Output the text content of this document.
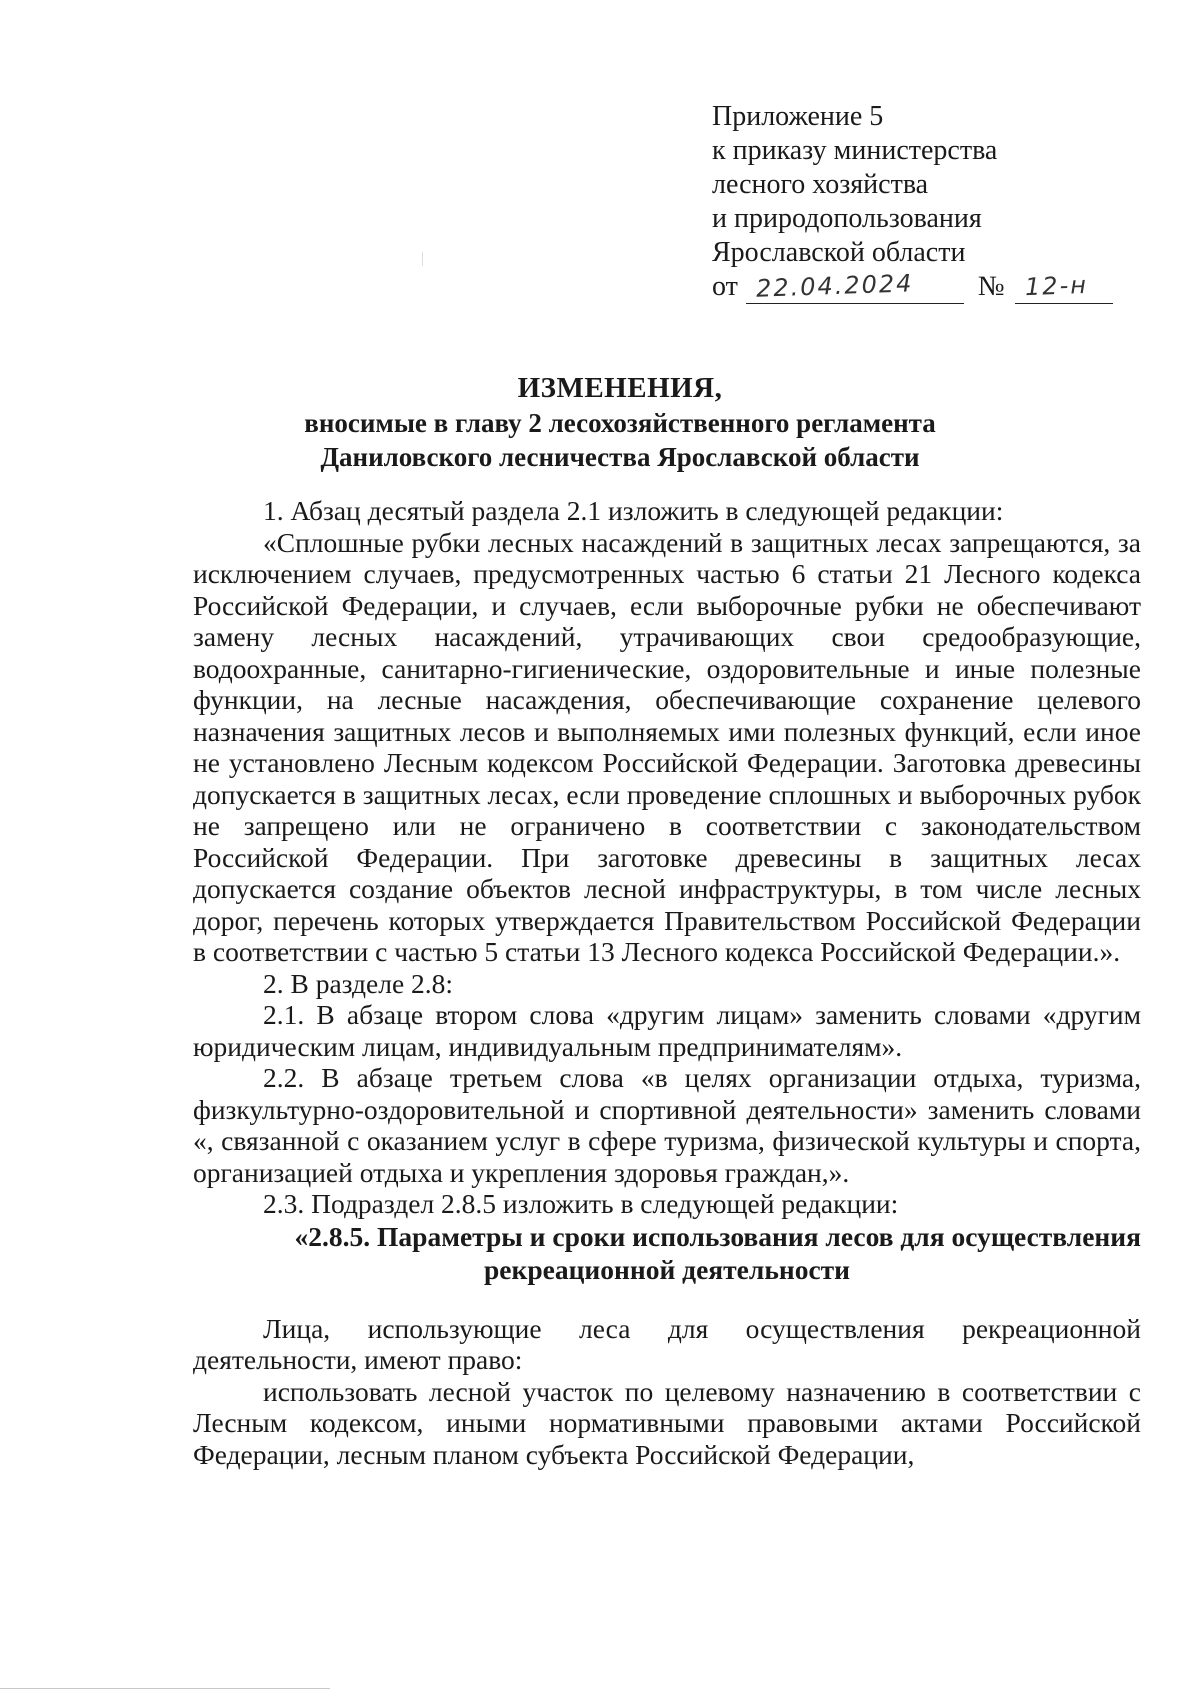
Приложение 5
к приказу министерства
лесного хозяйства
и природопользования
Ярославской области
от 22.04.2024 № 12-н
ИЗМЕНЕНИЯ,
вносимые в главу 2 лесохозяйственного регламента
Даниловского лесничества Ярославской области

1. Абзац десятый раздела 2.1 изложить в следующей редакции:

«Сплошные рубки лесных насаждений в защитных лесах запрещаются, за исключением случаев, предусмотренных частью 6 статьи 21 Лесного кодекса Российской Федерации, и случаев, если выборочные рубки не обеспечивают замену лесных насаждений, утрачивающих свои средообразующие, водоохранные, санитарно-гигиенические, оздоровительные и иные полезные функции, на лесные насаждения, обеспечивающие сохранение целевого назначения защитных лесов и выполняемых ими полезных функций, если иное не установлено Лесным кодексом Российской Федерации. Заготовка древесины допускается в защитных лесах, если проведение сплошных и выборочных рубок не запрещено или не ограничено в соответствии с законодательством Российской Федерации. При заготовке древесины в защитных лесах допускается создание объектов лесной инфраструктуры, в том числе лесных дорог, перечень которых утверждается Правительством Российской Федерации в соответствии с частью 5 статьи 13 Лесного кодекса Российской Федерации.».

2. В разделе 2.8:

2.1. В абзаце втором слова «другим лицам» заменить словами «другим юридическим лицам, индивидуальным предпринимателям».

2.2. В абзаце третьем слова «в целях организации отдыха, туризма, физкультурно-оздоровительной и спортивной деятельности» заменить словами «, связанной с оказанием услуг в сфере туризма, физической культуры и спорта, организацией отдыха и укрепления здоровья граждан,».

2.3. Подраздел 2.8.5 изложить в следующей редакции:

«2.8.5. Параметры и сроки использования лесов для осуществления
рекреационной деятельности

Лица, использующие леса для осуществления рекреационной деятельности, имеют право:

использовать лесной участок по целевому назначению в соответствии с Лесным кодексом, иными нормативными правовыми актами Российской Федерации, лесным планом субъекта Российской Федерации,
